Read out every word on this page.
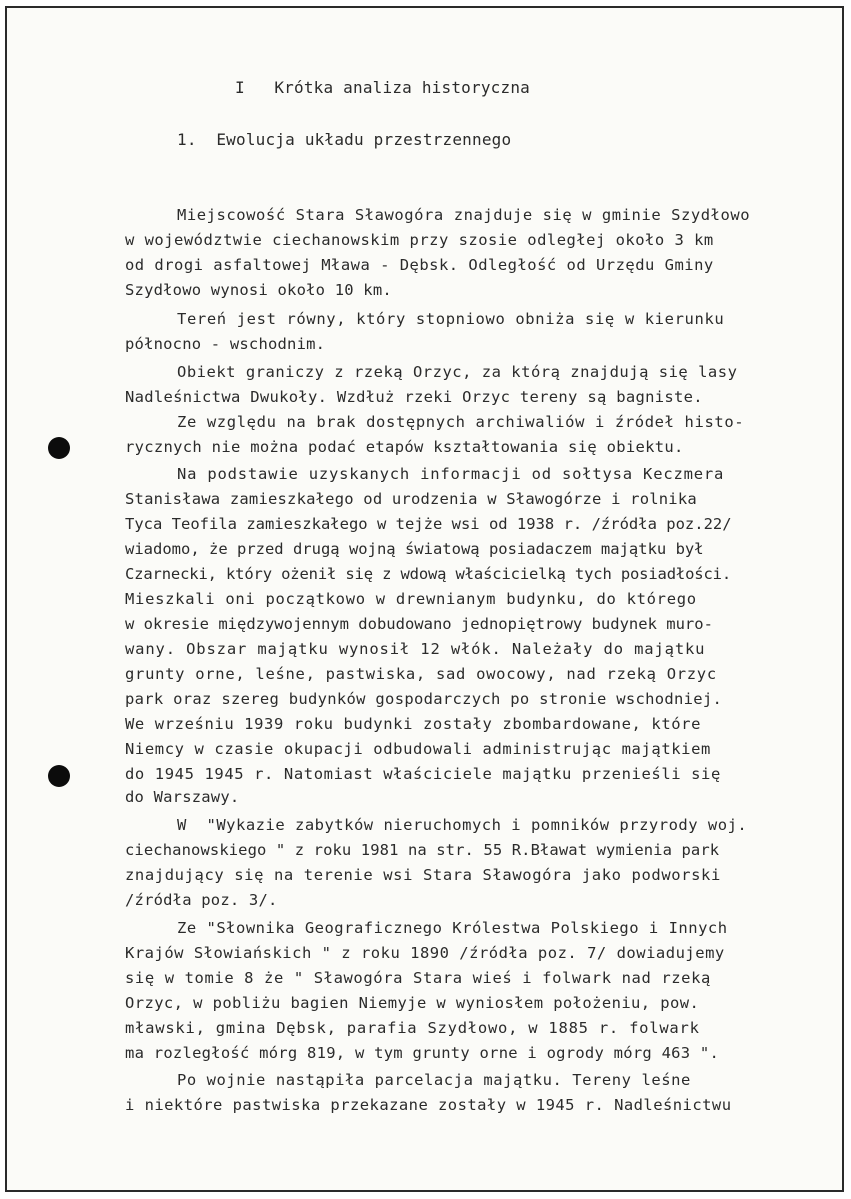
I   Krótka analiza historyczna
1.  Ewolucja układu przestrzennego
Miejscowość Stara Sławogóra znajduje się w gminie Szydłowo
w województwie ciechanowskim przy szosie odległej około 3 km
od drogi asfaltowej Mława - Dębsk. Odległość od Urzędu Gminy
Szydłowo wynosi około 10 km.
Tereń jest równy, który stopniowo obniża się w kierunku
północno - wschodnim.
Obiekt graniczy z rzeką Orzyc, za którą znajdują się lasy
Nadleśnictwa Dwukoły. Wzdłuż rzeki Orzyc tereny są bagniste.
Ze względu na brak dostępnych archiwaliów i źródeł histo-
rycznych nie można podać etapów kształtowania się obiektu.
Na podstawie uzyskanych informacji od sołtysa Keczmera
Stanisława zamieszkałego od urodzenia w Sławogórze i rolnika
Tyca Teofila zamieszkałego w tejże wsi od 1938 r. /źródła poz.22/
wiadomo, że przed drugą wojną światową posiadaczem majątku był
Czarnecki, który ożenił się z wdową właścicielką tych posiadłości.
Mieszkali oni początkowo w drewnianym budynku, do którego
w okresie międzywojennym dobudowano jednopiętrowy budynek muro-
wany. Obszar majątku wynosił 12 włók. Należały do majątku
grunty orne, leśne, pastwiska, sad owocowy, nad rzeką Orzyc
park oraz szereg budynków gospodarczych po stronie wschodniej.
We wrześniu 1939 roku budynki zostały zbombardowane, które
Niemcy w czasie okupacji odbudowali administrując majątkiem
do 1945 1945 r. Natomiast właściciele majątku przenieśli się
do Warszawy.
W  "Wykazie zabytków nieruchomych i pomników przyrody woj.
ciechanowskiego " z roku 1981 na str. 55 R.Bławat wymienia park
znajdujący się na terenie wsi Stara Sławogóra jako podworski
/źródła poz. 3/.
Ze "Słownika Geograficznego Królestwa Polskiego i Innych
Krajów Słowiańskich " z roku 1890 /źródła poz. 7/ dowiadujemy
się w tomie 8 że " Sławogóra Stara wieś i folwark nad rzeką
Orzyc, w pobliżu bagien Niemyje w wyniosłem położeniu, pow.
mławski, gmina Dębsk, parafia Szydłowo, w 1885 r. folwark
ma rozległość mórg 819, w tym grunty orne i ogrody mórg 463 ".
Po wojnie nastąpiła parcelacja majątku. Tereny leśne
i niektóre pastwiska przekazane zostały w 1945 r. Nadleśnictwu
